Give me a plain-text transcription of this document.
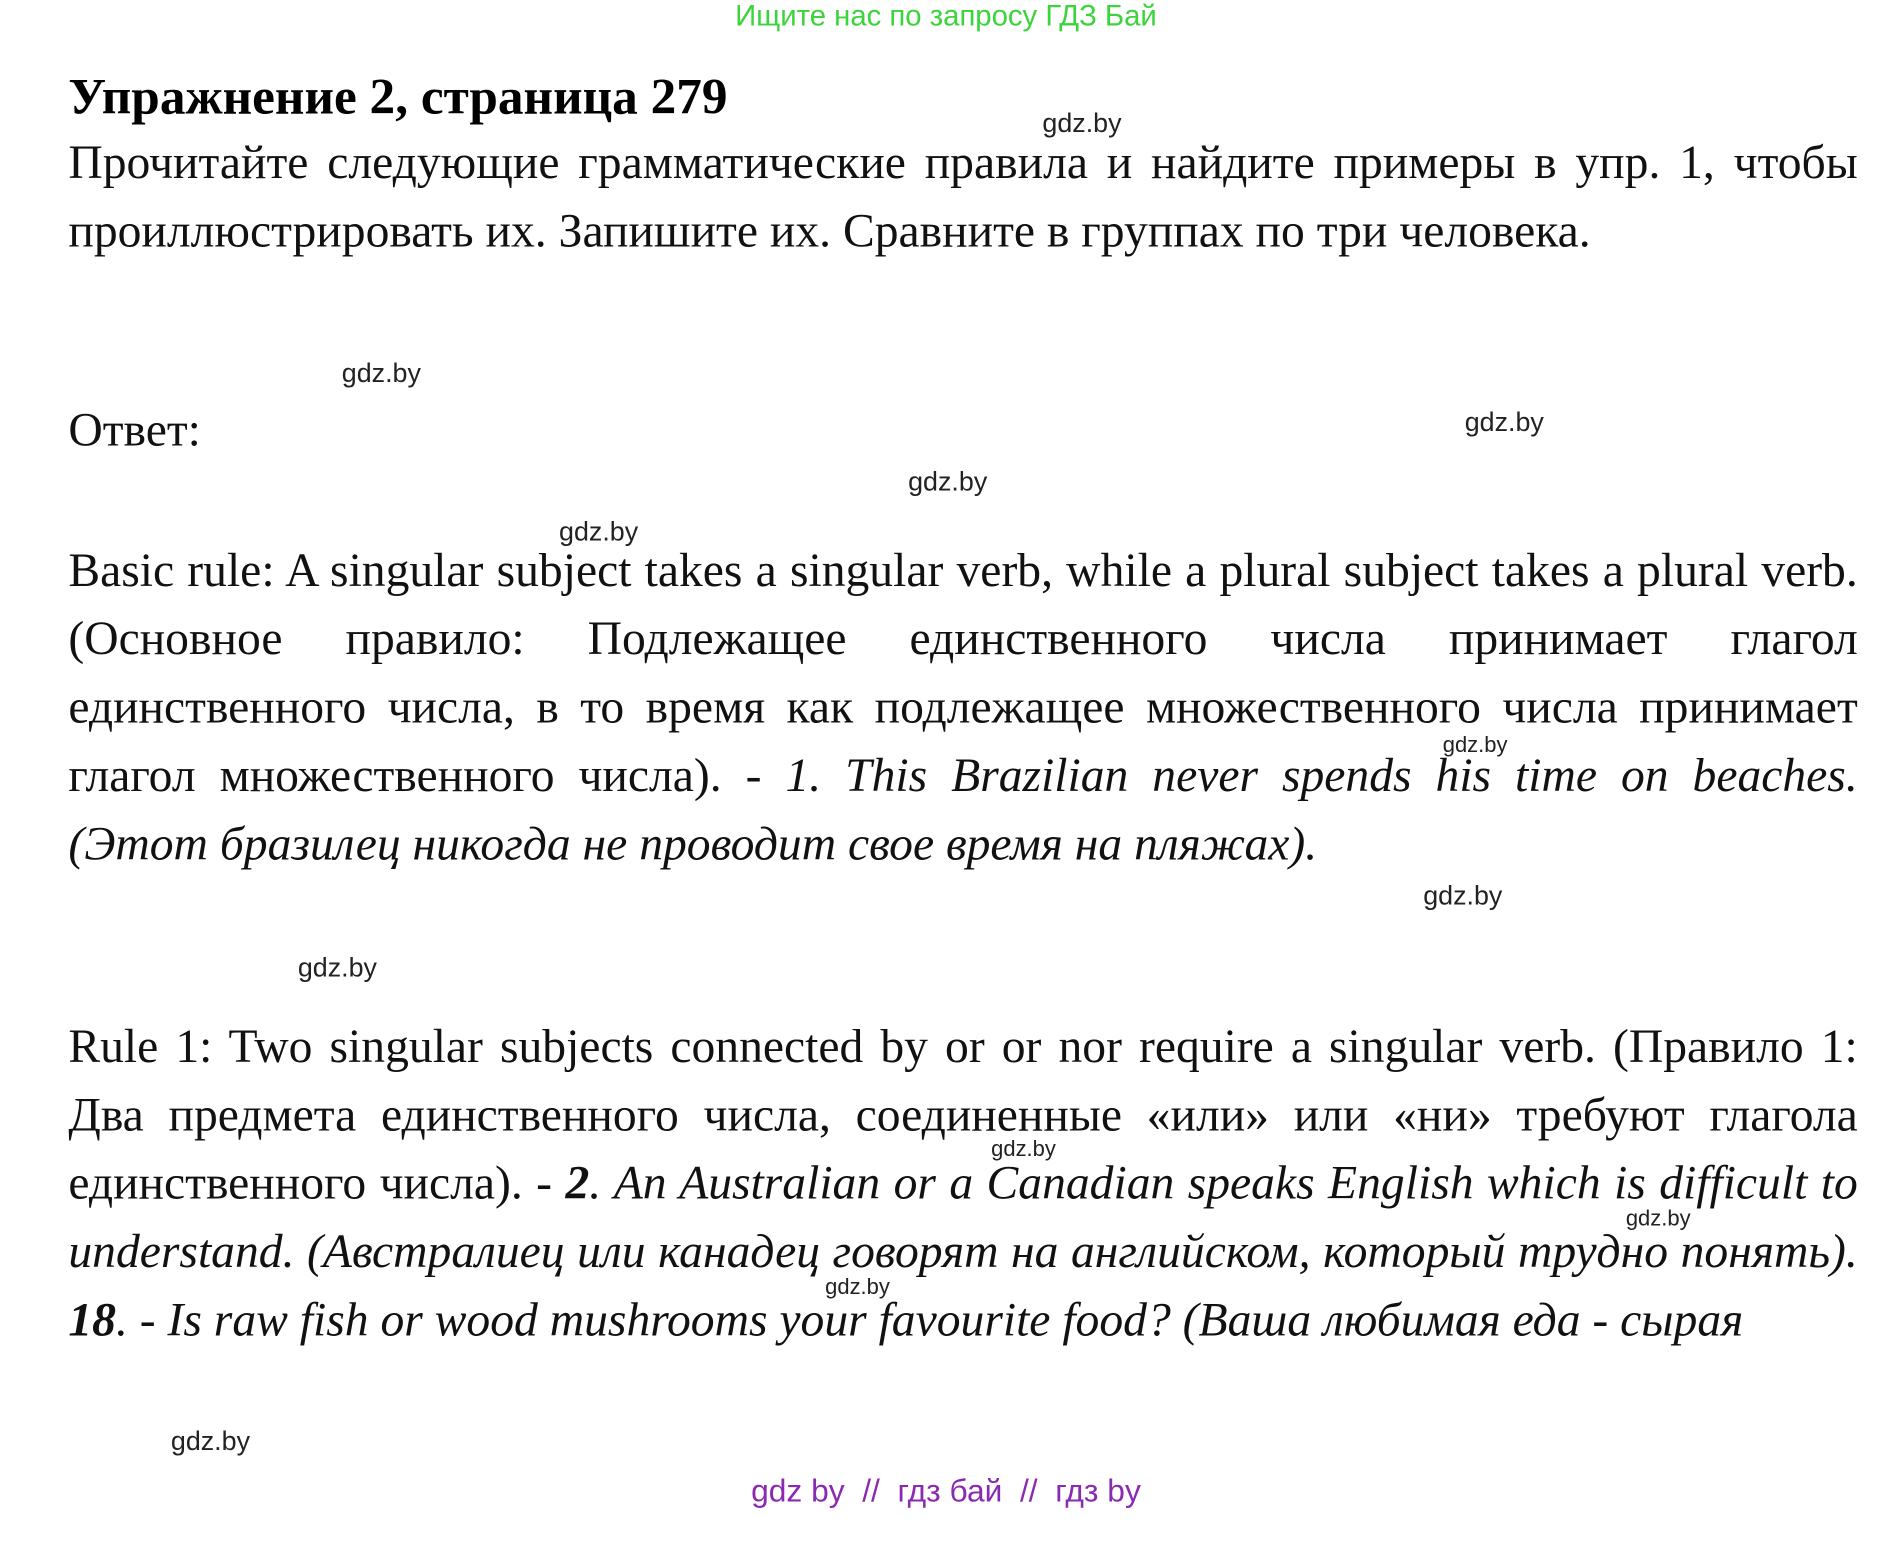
Ищите нас по запросу ГДЗ Бай
Упражнение 2, страница 279
Прочитайте следующие грамматические правила и найдите примеры в упр. 1, чтобы проиллюстрировать их. Запишите их. Сравните в группах по три человека.
Ответ:
Basic rule: A singular subject takes a singular verb, while a plural subject takes a plural verb. (Основное правило: Подлежащее единственного числа принимает глагол единственного числа, в то время как подлежащее множественного числа принимает глагол множественного числа). - 1. This Brazilian never spends his time on beaches. (Этот бразилец никогда не проводит свое время на пляжах).
Rule 1: Two singular subjects connected by or or nor require a singular verb. (Правило 1: Два предмета единственного числа, соединенные «или» или «ни» требуют глагола единственного числа). - 2. An Australian or a Canadian speaks English which is difficult to understand. (Австралиец или канадец говорят на английском, который трудно понять). 18. - Is raw fish or wood mushrooms your favourite food? (Ваша любимая еда - сырая
gdz.by
gdz.by
gdz.by
gdz.by
gdz.by
gdz.by
gdz.by
gdz.by
gdz.by
gdz.by
gdz.by
gdz.by
gdz by  //  гдз бай  //  гдз by
